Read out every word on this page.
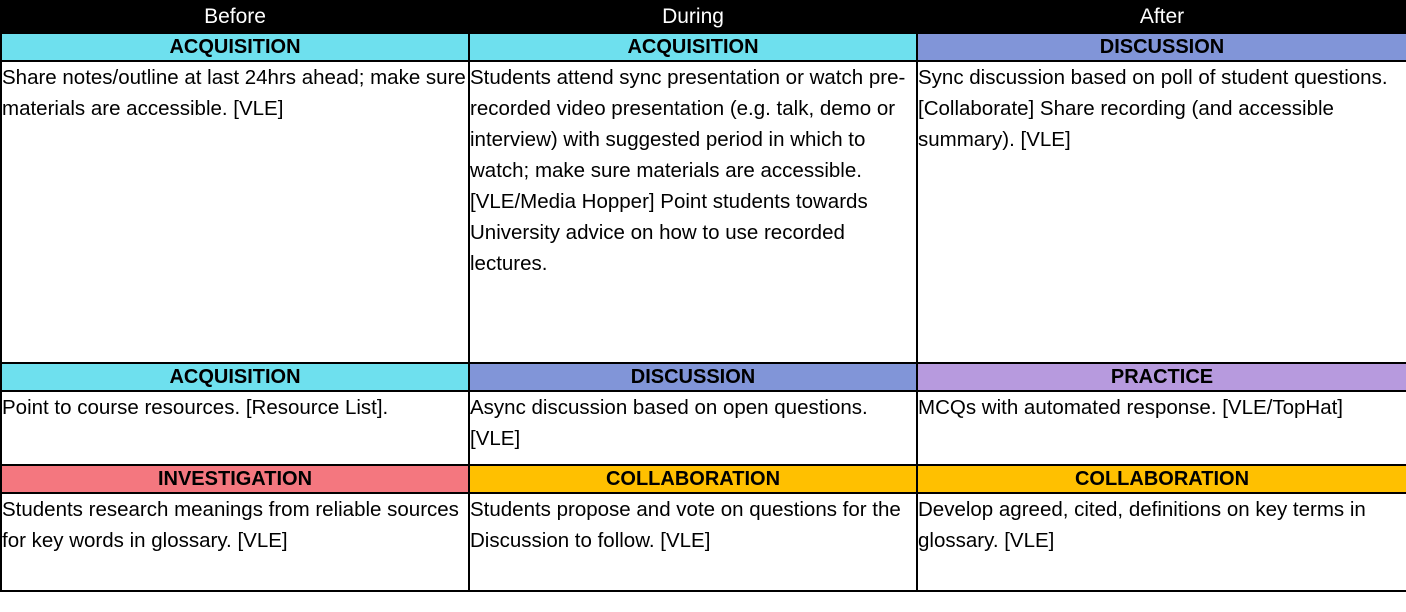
Before	During	After
ACQUISITION	ACQUISITION	DISCUSSION
Share notes/outline at last 24hrs ahead; make sure materials are accessible. [VLE]	Students attend sync presentation or watch pre-recorded video presentation (e.g. talk, demo or interview) with suggested period in which to watch; make sure materials are accessible. [VLE/Media Hopper] Point students towards University advice on how to use recorded lectures.	Sync discussion based on poll of student questions. [Collaborate] Share recording (and accessible summary). [VLE]
ACQUISITION	DISCUSSION	PRACTICE
Point to course resources. [Resource List].	Async discussion based on open questions. [VLE]	MCQs with automated response. [VLE/TopHat]
INVESTIGATION	COLLABORATION	COLLABORATION
Students research meanings from reliable sources for key words in glossary. [VLE]	Students propose and vote on questions for the Discussion to follow. [VLE]	Develop agreed, cited, definitions on key terms in glossary. [VLE]
